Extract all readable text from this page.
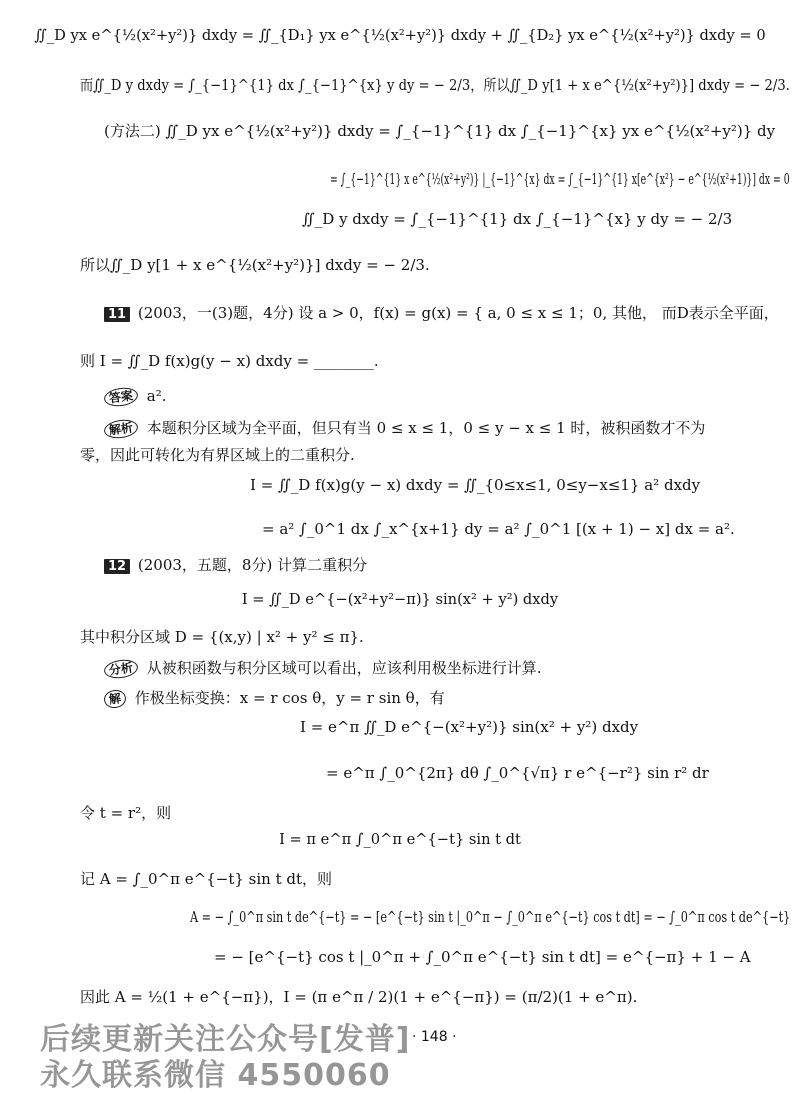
∬_D yx e^{½(x²+y²)} dxdy = ∬_{D₁} yx e^{½(x²+y²)} dxdy + ∬_{D₂} yx e^{½(x²+y²)} dxdy = 0
而∬_D y dxdy = ∫_{−1}^{1} dx ∫_{−1}^{x} y dy = − 2/3，所以∬_D y[1 + x e^{½(x²+y²)}] dxdy = − 2/3.
(方法二) ∬_D yx e^{½(x²+y²)} dxdy = ∫_{−1}^{1} dx ∫_{−1}^{x} yx e^{½(x²+y²)} dy
= ∫_{−1}^{1} x e^{½(x²+y²)} |_{−1}^{x} dx = ∫_{−1}^{1} x[e^{x²} − e^{½(x²+1)}] dx = 0
∬_D y dxdy = ∫_{−1}^{1} dx ∫_{−1}^{x} y dy = − 2/3
所以∬_D y[1 + x e^{½(x²+y²)}] dxdy = − 2/3.
11 (2003，一(3)题，4分) 设 a > 0，f(x) = g(x) = { a, 0 ≤ x ≤ 1；0, 其他， 而D表示全平面，
则 I = ∬_D f(x)g(y − x) dxdy = ________.
答案 a².
解析 本题积分区域为全平面，但只有当 0 ≤ x ≤ 1，0 ≤ y − x ≤ 1 时，被积函数才不为
零，因此可转化为有界区域上的二重积分.
I = ∬_D f(x)g(y − x) dxdy = ∬_{0≤x≤1, 0≤y−x≤1} a² dxdy
= a² ∫_0^1 dx ∫_x^{x+1} dy = a² ∫_0^1 [(x + 1) − x] dx = a².
12 (2003，五题，8分) 计算二重积分
I = ∬_D e^{−(x²+y²−π)} sin(x² + y²) dxdy
其中积分区域 D = {(x,y) | x² + y² ≤ π}.
分析 从被积函数与积分区域可以看出，应该利用极坐标进行计算.
解 作极坐标变换：x = r cos θ，y = r sin θ，有
I = e^π ∬_D e^{−(x²+y²)} sin(x² + y²) dxdy
= e^π ∫_0^{2π} dθ ∫_0^{√π} r e^{−r²} sin r² dr
令 t = r²，则
I = π e^π ∫_0^π e^{−t} sin t dt
记 A = ∫_0^π e^{−t} sin t dt，则
A = − ∫_0^π sin t de^{−t} = − [e^{−t} sin t |_0^π − ∫_0^π e^{−t} cos t dt] = − ∫_0^π cos t de^{−t}
= − [e^{−t} cos t |_0^π + ∫_0^π e^{−t} sin t dt] = e^{−π} + 1 − A
因此 A = ½(1 + e^{−π})，I = (π e^π / 2)(1 + e^{−π}) = (π/2)(1 + e^π).
· 148 ·
后续更新关注公众号[发普]
永久联系微信 4550060
